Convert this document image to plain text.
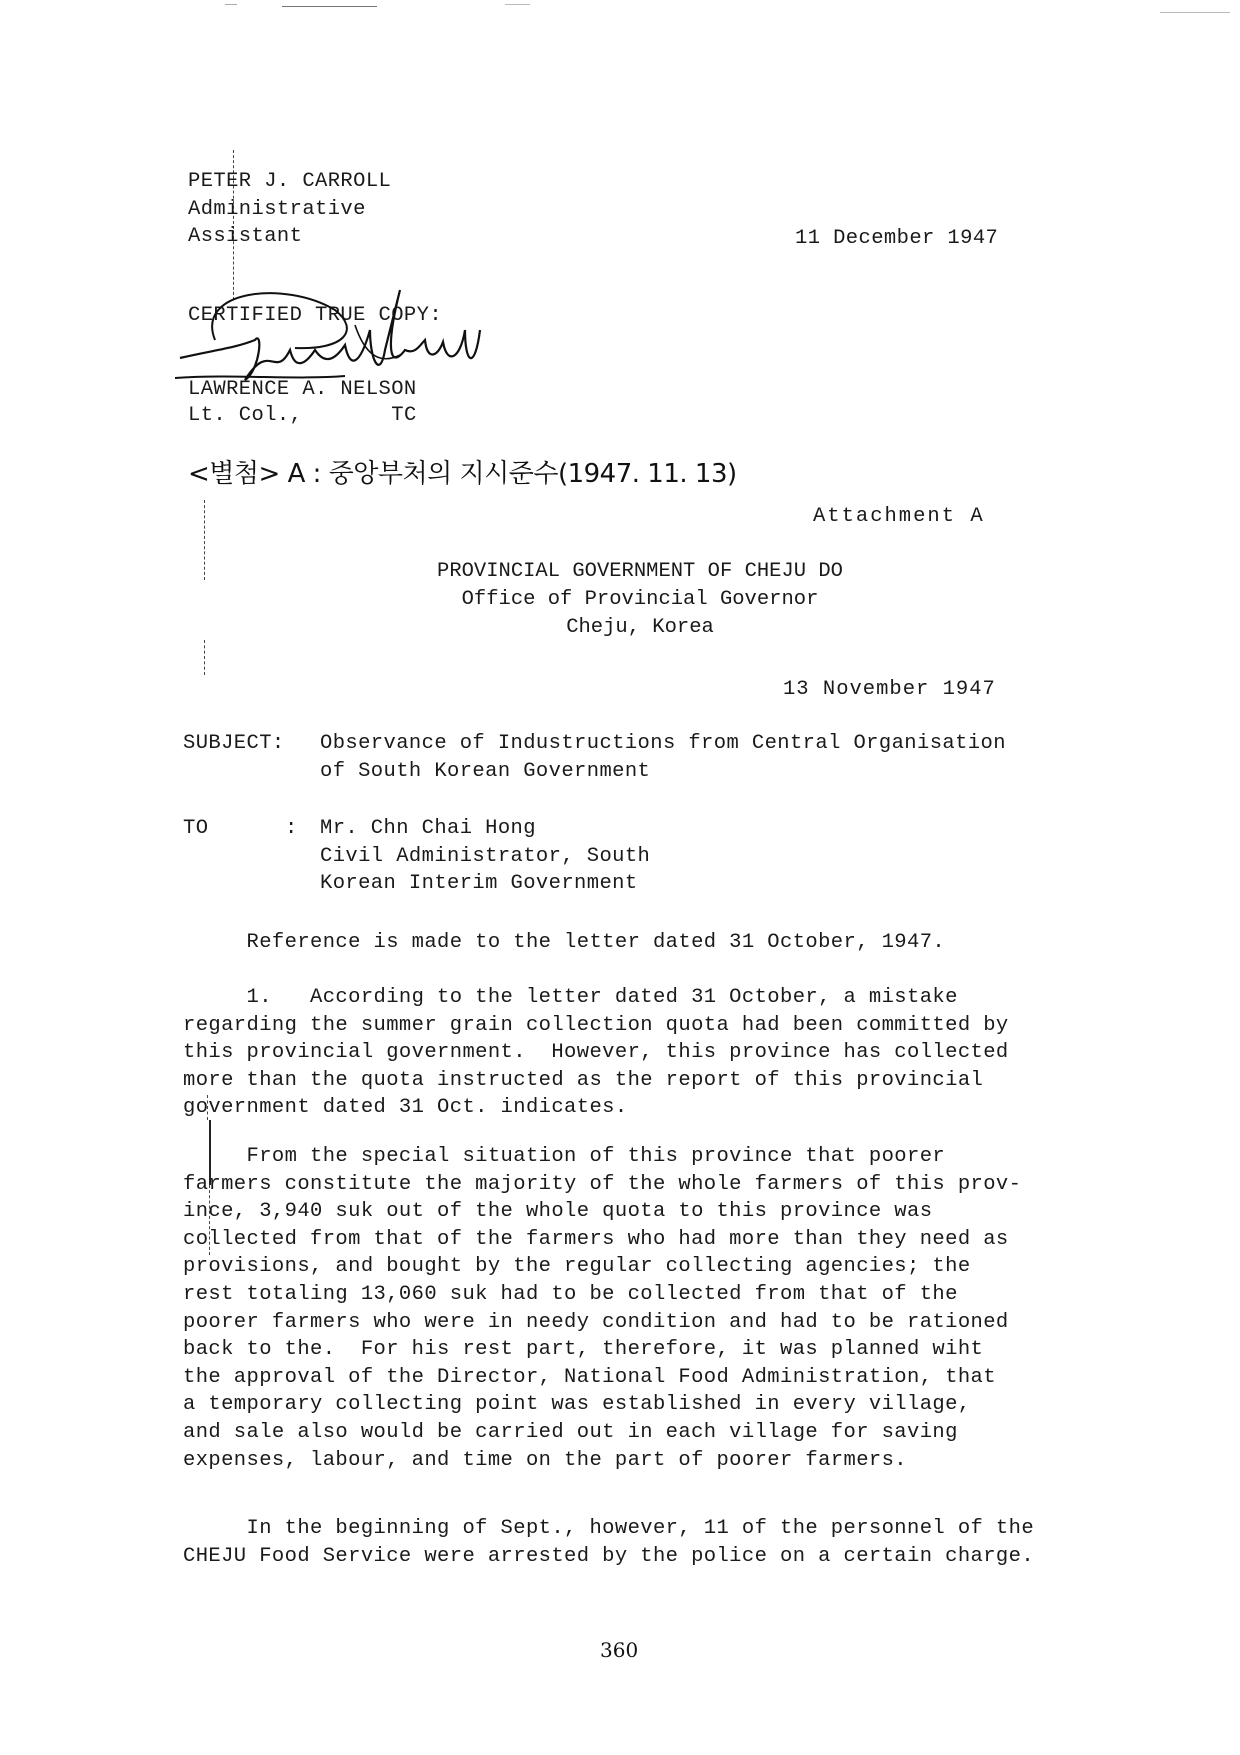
PETER J. CARROLL
Administrative
Assistant	11 December 1947
CERTIFIED TRUE COPY:
LAWRENCE A. NELSON
Lt. Col.,	TC
<별첨> A : 중앙부처의 지시준수(1947. 11. 13)
Attachment A
PROVINCIAL GOVERNMENT OF CHEJU DO
Office of Provincial Governor
Cheju, Korea
13 November 1947
SUBJECT: Observance of Industructions from Central Organisation
of South Korean Government
TO	: Mr. Chn Chai Hong
Civil Administrator, South
Korean Interim Government
Reference is made to the letter dated 31 October, 1947.
1.   According to the letter dated 31 October, a mistake
regarding the summer grain collection quota had been committed by
this provincial government.  However, this province has collected
more than the quota instructed as the report of this provincial
government dated 31 Oct. indicates.
From the special situation of this province that poorer
farmers constitute the majority of the whole farmers of this prov-
ince, 3,940 suk out of the whole quota to this province was
collected from that of the farmers who had more than they need as
provisions, and bought by the regular collecting agencies; the
rest totaling 13,060 suk had to be collected from that of the
poorer farmers who were in needy condition and had to be rationed
back to the.  For his rest part, therefore, it was planned wiht
the approval of the Director, National Food Administration, that
a temporary collecting point was established in every village,
and sale also would be carried out in each village for saving
expenses, labour, and time on the part of poorer farmers.
In the beginning of Sept., however, 11 of the personnel of the
CHEJU Food Service were arrested by the police on a certain charge.
360
